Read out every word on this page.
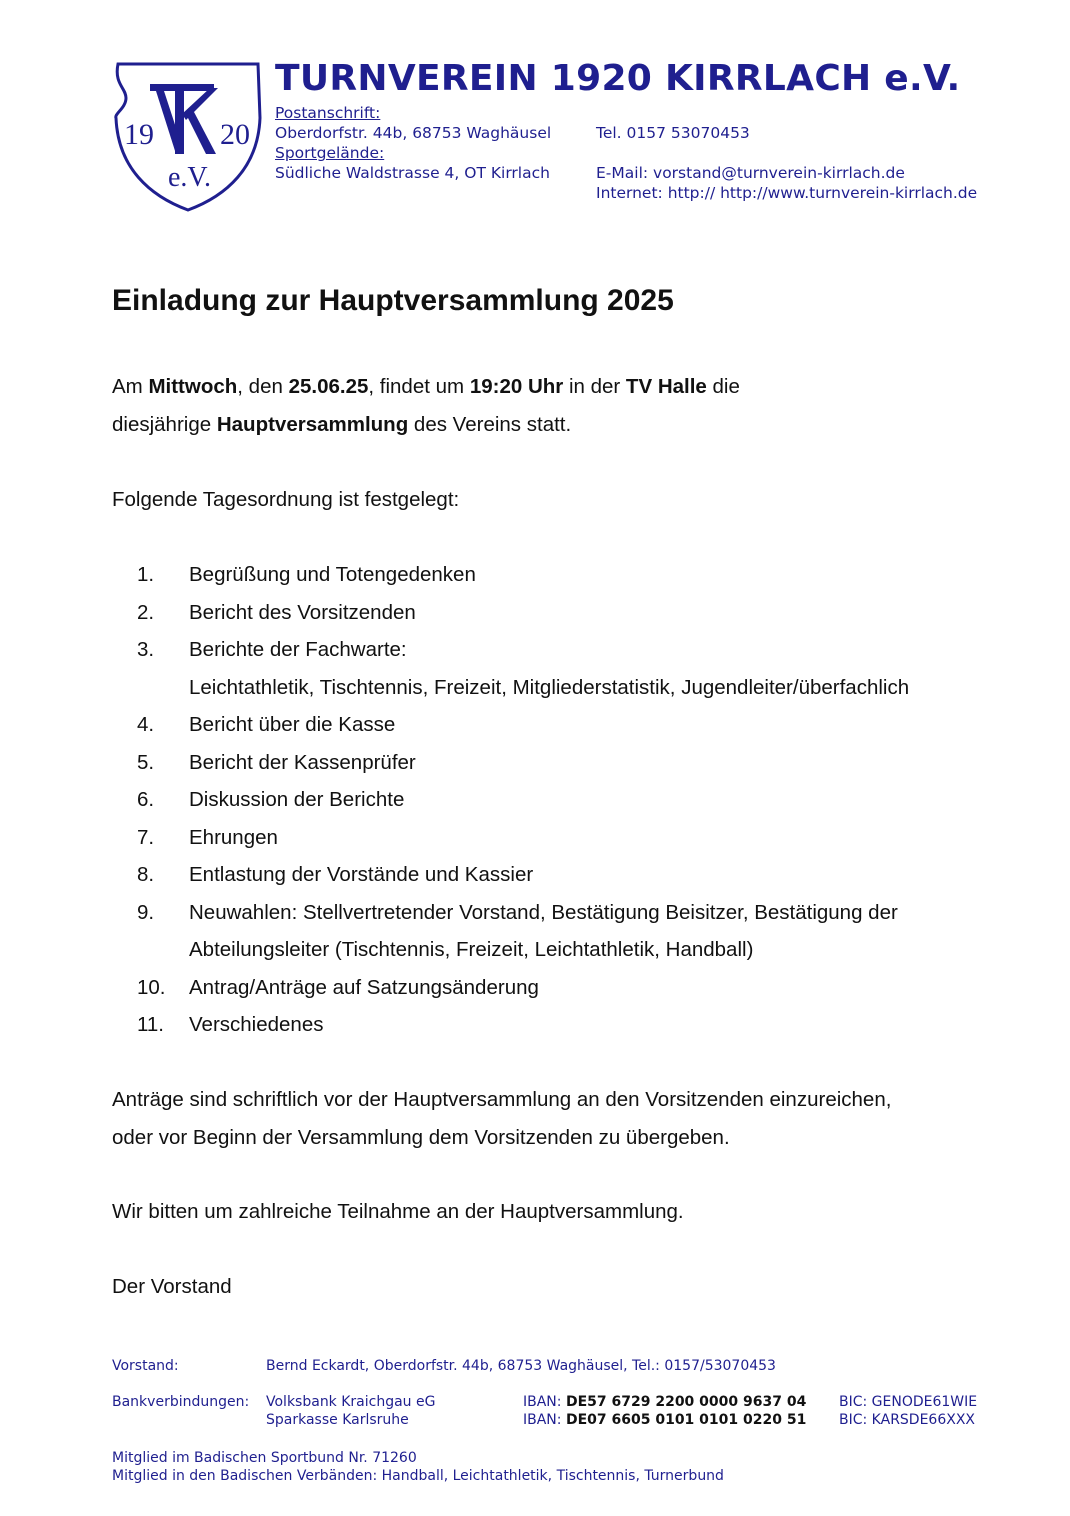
19 20
e.V.
TURNVEREIN 1920 KIRRLACH e.V.
Postanschrift:
Oberdorfstr. 44b, 68753 Waghäusel	Tel. 0157 53070453
Sportgelände:
Südliche Waldstrasse 4, OT Kirrlach	E-Mail: vorstand@turnverein-kirrlach.de
Internet: http:// http://www.turnverein-kirrlach.de
Einladung zur Hauptversammlung 2025
Am Mittwoch, den 25.06.25, findet um 19:20 Uhr in der TV Halle die
diesjährige Hauptversammlung des Vereins statt.
Folgende Tagesordnung ist festgelegt:
1.	Begrüßung und Totengedenken
2.	Bericht des Vorsitzenden
3.	Berichte der Fachwarte:
Leichtathletik, Tischtennis, Freizeit, Mitgliederstatistik, Jugendleiter/überfachlich
4.	Bericht über die Kasse
5.	Bericht der Kassenprüfer
6.	Diskussion der Berichte
7.	Ehrungen
8.	Entlastung der Vorstände und Kassier
9.	Neuwahlen: Stellvertretender Vorstand, Bestätigung Beisitzer, Bestätigung der
Abteilungsleiter (Tischtennis, Freizeit, Leichtathletik, Handball)
10.	Antrag/Anträge auf Satzungsänderung
11.	Verschiedenes
Anträge sind schriftlich vor der Hauptversammlung an den Vorsitzenden einzureichen,
oder vor Beginn der Versammlung dem Vorsitzenden zu übergeben.
Wir bitten um zahlreiche Teilnahme an der Hauptversammlung.
Der Vorstand
Vorstand:	Bernd Eckardt, Oberdorfstr. 44b, 68753 Waghäusel, Tel.: 0157/53070453
Bankverbindungen: Volksbank Kraichgau eG	IBAN: DE57 6729 2200 0000 9637 04 BIC: GENODE61WIE
Sparkasse Karlsruhe	IBAN: DE07 6605 0101 0101 0220 51 BIC: KARSDE66XXX
Mitglied im Badischen Sportbund Nr. 71260
Mitglied in den Badischen Verbänden: Handball, Leichtathletik, Tischtennis, Turnerbund
